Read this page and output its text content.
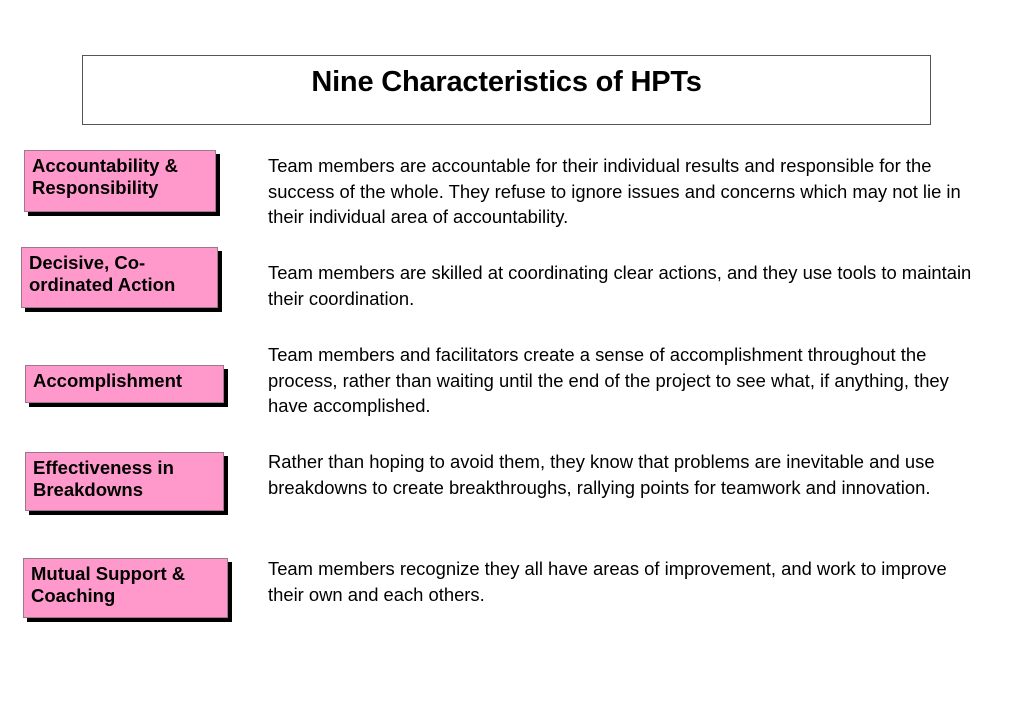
Nine Characteristics of HPTs
Accountability &
Responsibility
Team members are accountable for their individual results and responsible for the success of the whole. They refuse to ignore issues and concerns which may not lie in their individual area of accountability.
Decisive, Co-
ordinated Action
Team members are skilled at coordinating clear actions, and they use tools to maintain their coordination.
Accomplishment
Team members and facilitators create a sense of accomplishment throughout the process, rather than waiting until the end of the project to see what, if anything, they have accomplished.
Effectiveness in
Breakdowns
Rather than hoping to avoid them, they know that problems are inevitable and use breakdowns to create breakthroughs, rallying points for teamwork and innovation.
Mutual Support &
Coaching
Team members recognize they all have areas of improvement, and work to improve their own and each others.
